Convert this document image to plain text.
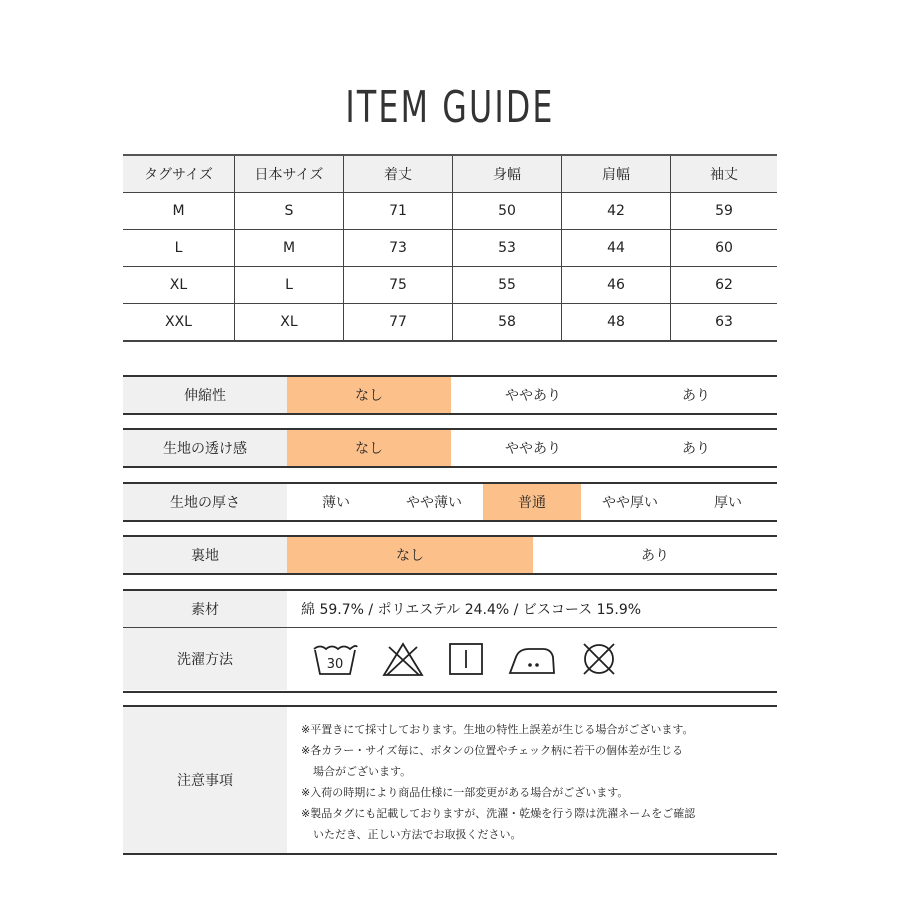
ITEM GUIDE
タグサイズ	日本サイズ	着丈	身幅	肩幅	袖丈
M	S	71	50	42	59
L	M	73	53	44	60
XL	L	75	55	46	62
XXL	XL	77	58	48	63
伸縮性	なし	ややあり	あり
生地の透け感	なし	ややあり	あり
生地の厚さ	薄い	やや薄い	普通	やや厚い	厚い
裏地	なし	あり
素材	綿 59.7% / ポリエステル 24.4% / ビスコース 15.9%
洗濯方法	30
注意事項
※平置きにて採寸しております。生地の特性上誤差が生じる場合がございます。
※各カラー・サイズ毎に、ボタンの位置やチェック柄に若干の個体差が生じる
場合がございます。
※入荷の時期により商品仕様に一部変更がある場合がございます。
※製品タグにも記載しておりますが、洗濯・乾燥を行う際は洗濯ネームをご確認
いただき、正しい方法でお取扱ください。
